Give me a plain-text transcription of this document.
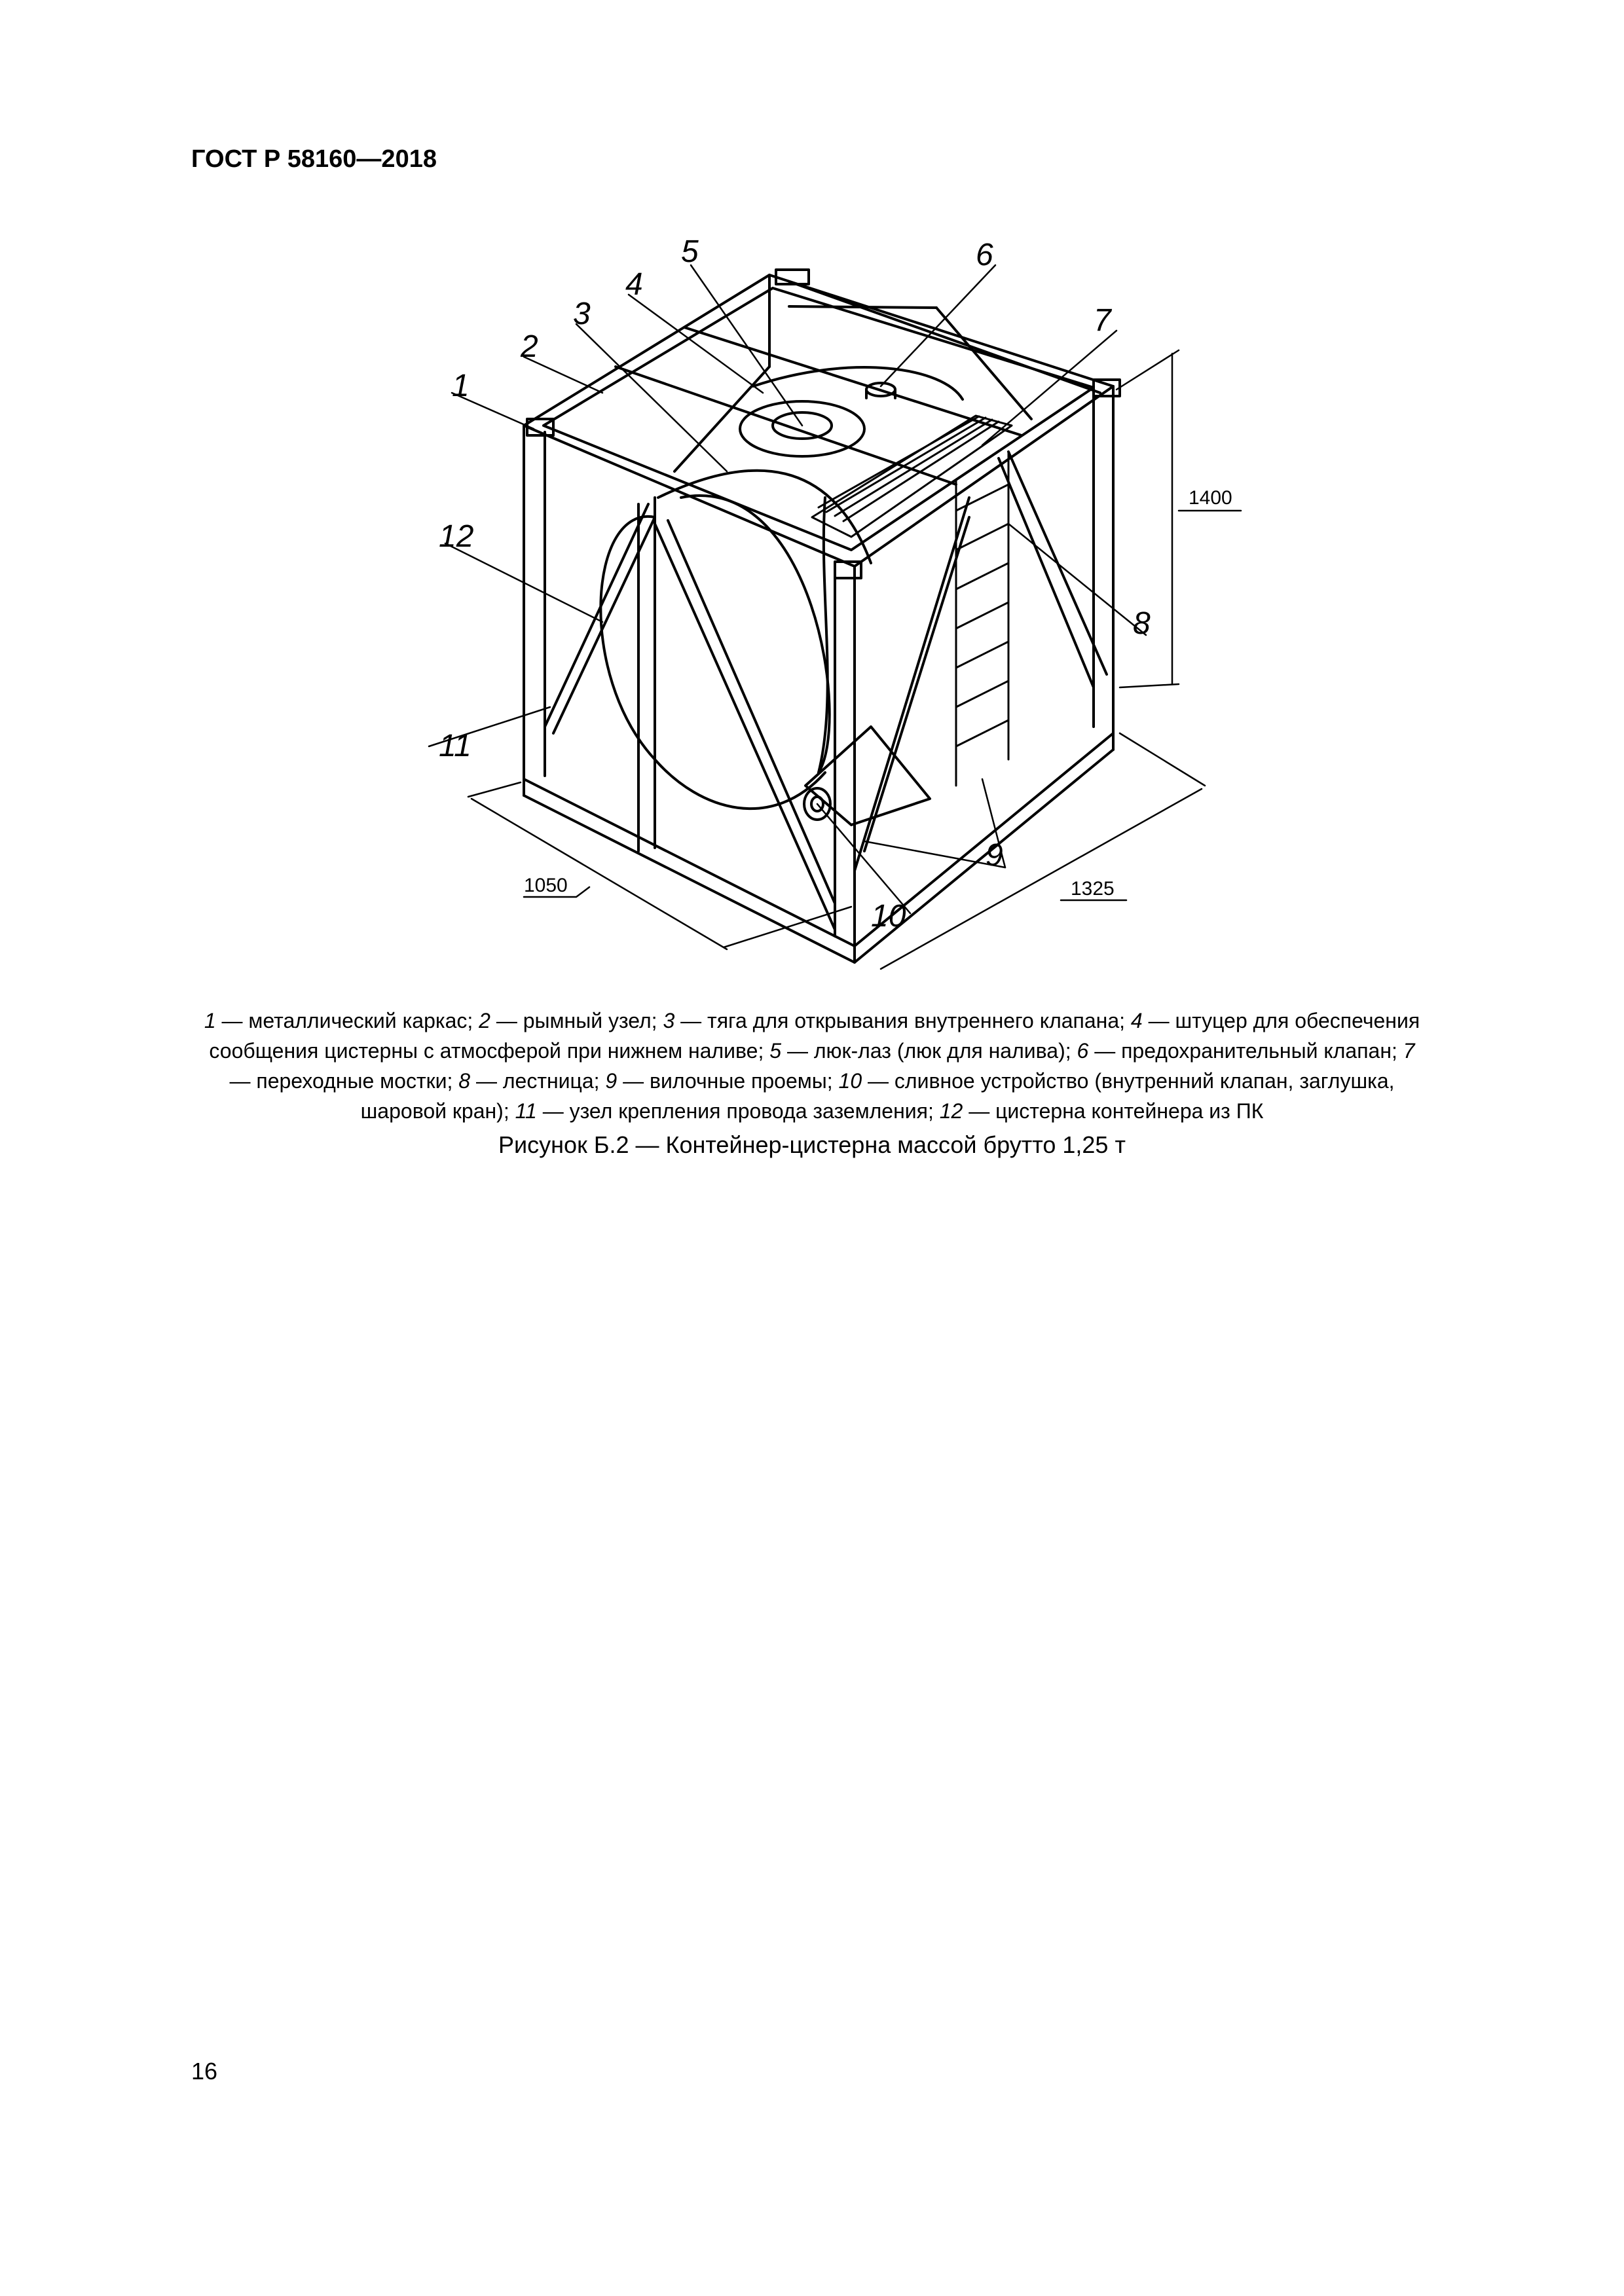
ГОСТ Р 58160—2018
1
2
3
4
5	6
7
8
9
10
11
12
1050	1325
1400
1 — металлический каркас; 2 — рымный узел; 3 — тяга для открывания внутреннего клапана; 4 — штуцер для обеспечения сообщения цистерны с атмосферой при нижнем наливе; 5 — люк-лаз (люк для налива); 6 — предохранительный клапан; 7 — переходные мостки; 8 — лестница; 9 — вилочные проемы; 10 — сливное устройство (внутренний клапан, заглушка, шаровой кран); 11 — узел крепления провода заземления; 12 — цистерна контейнера из ПК
Рисунок Б.2 — Контейнер-цистерна массой брутто 1,25 т
16
